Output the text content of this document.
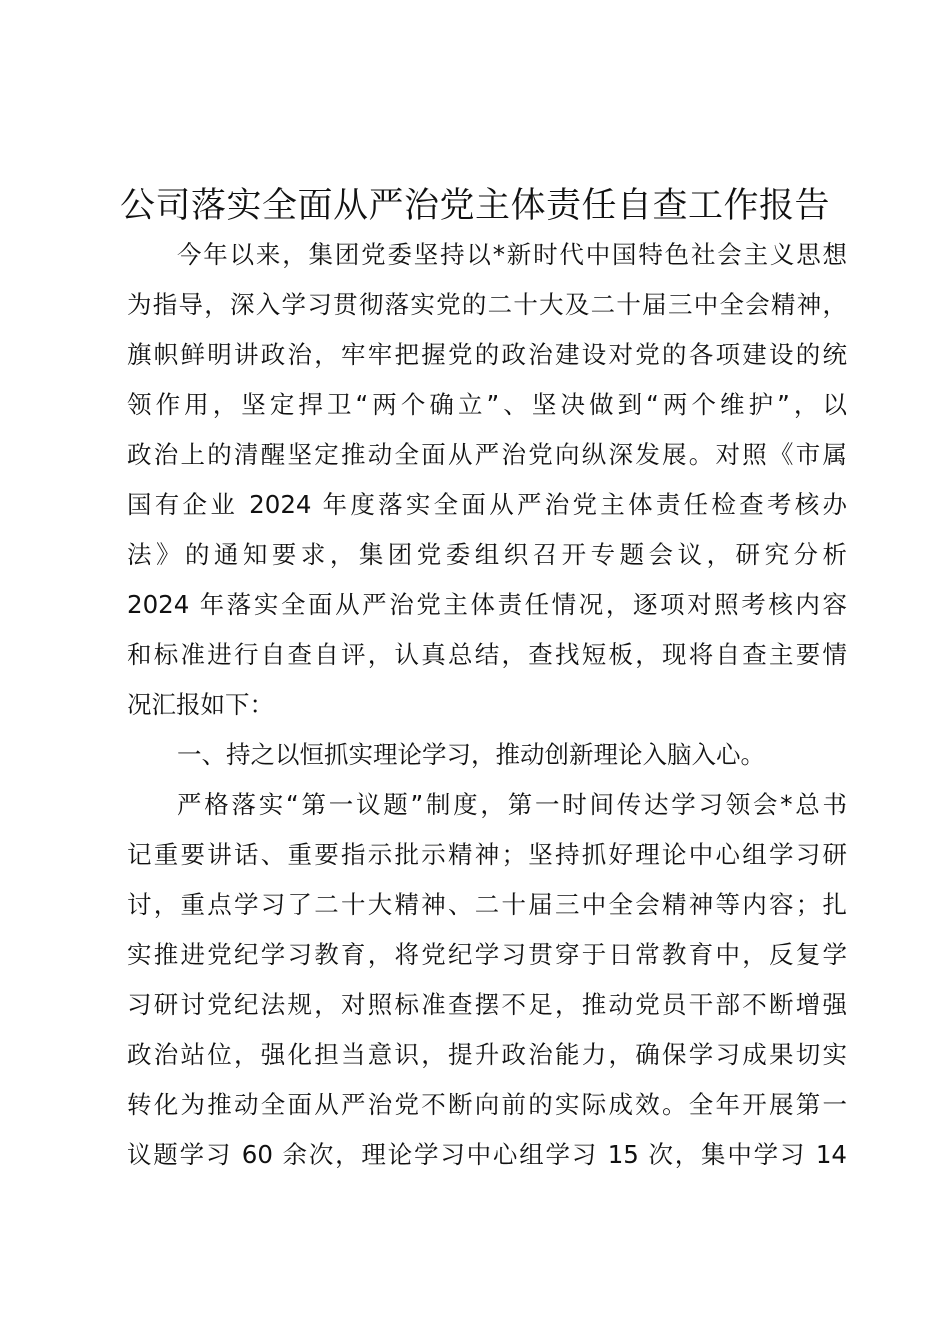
公司落实全面从严治党主体责任自查工作报告
今年以来，集团党委坚持以*新时代中国特色社会主义思想
为指导，深入学习贯彻落实党的二十大及二十届三中全会精神，
旗帜鲜明讲政治，牢牢把握党的政治建设对党的各项建设的统
领作用，坚定捍卫“两个确立”、坚决做到“两个维护”，以
政治上的清醒坚定推动全面从严治党向纵深发展。对照《市属
国有企业 2024 年度落实全面从严治党主体责任检查考核办
法》的通知要求，集团党委组织召开专题会议，研究分析
2024 年落实全面从严治党主体责任情况，逐项对照考核内容
和标准进行自查自评，认真总结，查找短板，现将自查主要情
况汇报如下：
一、持之以恒抓实理论学习，推动创新理论入脑入心。
严格落实“第一议题”制度，第一时间传达学习领会*总书
记重要讲话、重要指示批示精神；坚持抓好理论中心组学习研
讨，重点学习了二十大精神、二十届三中全会精神等内容；扎
实推进党纪学习教育，将党纪学习贯穿于日常教育中，反复学
习研讨党纪法规，对照标准查摆不足，推动党员干部不断增强
政治站位，强化担当意识，提升政治能力，确保学习成果切实
转化为推动全面从严治党不断向前的实际成效。全年开展第一
议题学习 60 余次，理论学习中心组学习 15 次，集中学习 14
